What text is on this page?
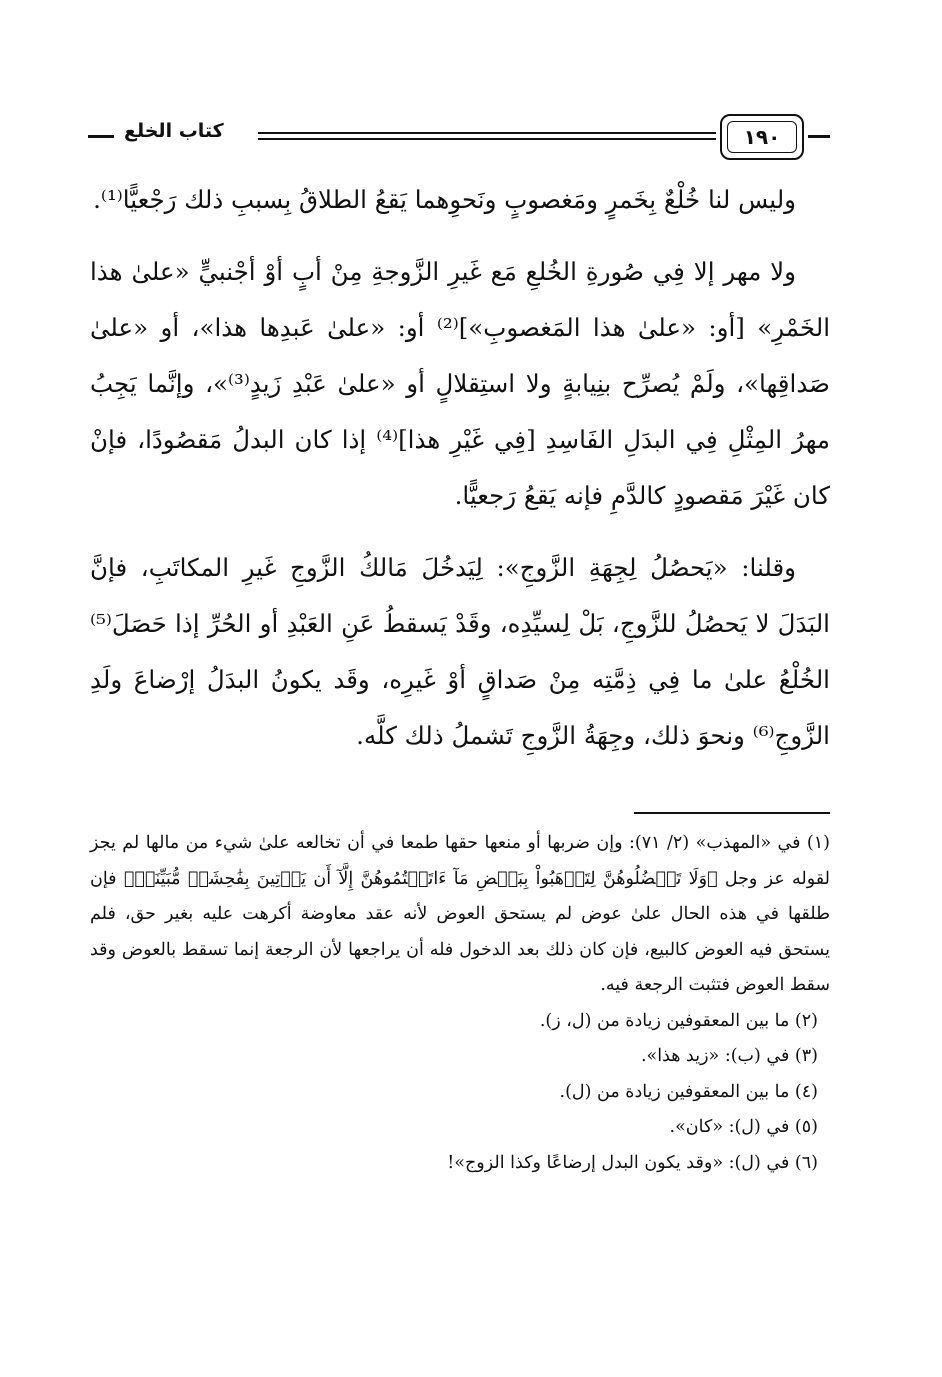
كتاب الخلع	١٩٠

وليس لنا خُلْعٌ بِخَمرٍ ومَغصوبٍ ونَحوِهما يَقعُ الطلاقُ بِسببِ ذلك رَجْعيًّا⁽¹⁾.

ولا مهر إلا فِي صُورةِ الخُلعِ مَع غَيرِ الزَّوجةِ مِنْ أبٍ أوْ أجْنبيٍّ «علىٰ هذا الخَمْرِ» [أو: «علىٰ هذا المَغصوبِ»]⁽²⁾ أو: «علىٰ عَبدِها هذا»، أو «علىٰ صَداقِها»، ولَمْ يُصرِّح بنِيابةٍ ولا استِقلالٍ أو «علىٰ عَبْدِ زَيدٍ⁽³⁾»، وإنَّما يَجِبُ مهرُ المِثْلِ فِي البدَلِ الفَاسِدِ [فِي غَيْرِ هذا]⁽⁴⁾ إذا كان البدلُ مَقصُودًا، فإنْ كان غَيْرَ مَقصودٍ كالدَّمِ فإنه يَقعُ رَجعيًّا.

وقلنا: «يَحصُلُ لِجِهَةِ الزَّوجِ»: لِيَدخُلَ مَالكُ الزَّوجِ غَيرِ المكاتَبِ، فإنَّ البَدَلَ لا يَحصُلُ للزَّوجِ، بَلْ لِسيِّدِه، وقَدْ يَسقطُ عَنِ العَبْدِ أو الحُرِّ إذا حَصَلَ⁽⁵⁾ الخُلْعُ علىٰ ما فِي ذِمَّتِه مِنْ صَداقٍ أوْ غَيرِه، وقَد يكونُ البدَلُ إرْضاعَ ولَدِ الزَّوجِ⁽⁶⁾ ونحوَ ذلك، وجِهَةُ الزَّوجِ تَشملُ ذلك كلَّه.

(١) في «المهذب» (٢/ ٧١): وإن ضربها أو منعها حقها طمعا في أن تخالعه علىٰ شيء من مالها لم يجز لقوله عز وجل ﴿وَلَا تَعۡضُلُوهُنَّ لِتَذۡهَبُواْ بِبَعۡضِ مَآ ءَاتَيۡتُمُوهُنَّ إِلَّآ أَن يَأۡتِينَ بِفَٰحِشَةٖ مُّبَيِّنَةٖ﴾ فإن طلقها في هذه الحال علىٰ عوض لم يستحق العوض لأنه عقد معاوضة أكرهت عليه بغير حق، فلم يستحق فيه العوض كالبيع، فإن كان ذلك بعد الدخول فله أن يراجعها لأن الرجعة إنما تسقط بالعوض وقد سقط العوض فتثبت الرجعة فيه.

(٢) ما بين المعقوفين زيادة من (ل، ز).

(٣) في (ب): «زيد هذا».

(٤) ما بين المعقوفين زيادة من (ل).

(٥) في (ل): «كان».

(٦) في (ل): «وقد يكون البدل إرضاعًا وكذا الزوج»!
